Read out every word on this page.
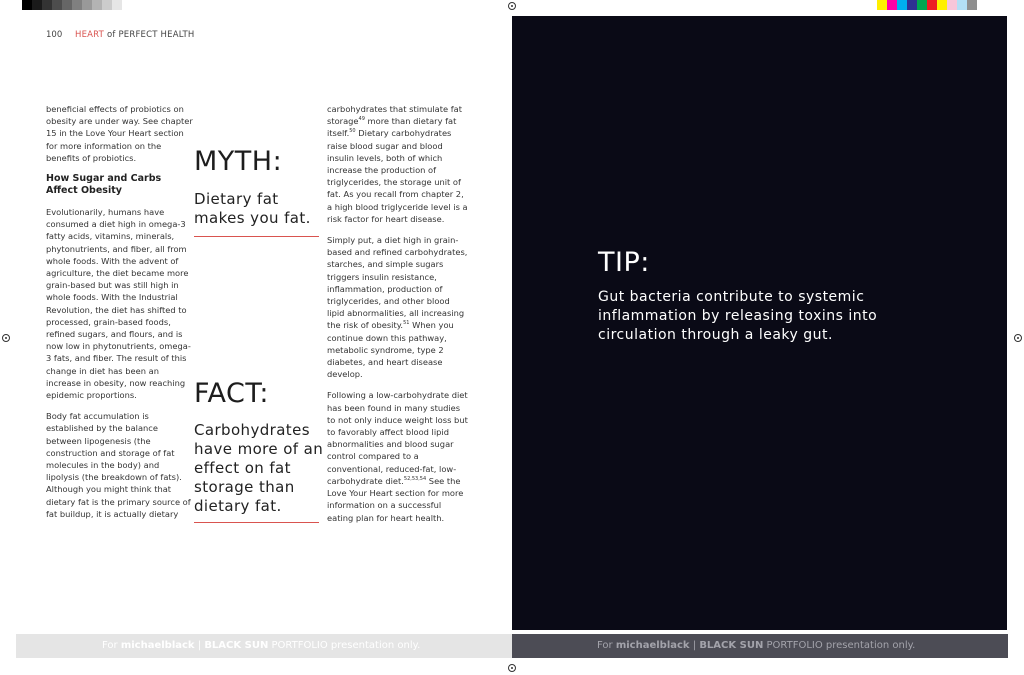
100 HEART of PERFECT HEALTH

beneficial effects of probiotics on obesity are under way. See chapter 15 in the Love Your Heart section for more information on the benefits of probiotics.

How Sugar and Carbs Affect Obesity

Evolutionarily, humans have consumed a diet high in omega-3 fatty acids, vitamins, minerals, phytonutrients, and fiber, all from whole foods. With the advent of agriculture, the diet became more grain-based but was still high in whole foods. With the Industrial Revolution, the diet has shifted to processed, grain-based foods, refined sugars, and flours, and is now low in phytonutrients, omega-3 fats, and fiber. The result of this change in diet has been an increase in obesity, now reaching epidemic proportions.

Body fat accumulation is established by the balance between lipogenesis (the construction and storage of fat molecules in the body) and lipolysis (the breakdown of fats). Although you might think that dietary fat is the primary source of fat buildup, it is actually dietary

MYTH:
Dietary fat makes you fat.
FACT:
Carbohydrates have more of an effect on fat storage than dietary fat.

carbohydrates that stimulate fat storage$^{49}$ more than dietary fat itself.$^{50}$ Dietary carbohydrates raise blood sugar and blood insulin levels, both of which increase the production of triglycerides, the storage unit of fat. As you recall from chapter 2, a high blood triglyceride level is a risk factor for heart disease.

Simply put, a diet high in grain-based and refined carbohydrates, starches, and simple sugars triggers insulin resistance, inflammation, production of triglycerides, and other blood lipid abnormalities, all increasing the risk of obesity.$^{51}$ When you continue down this pathway, metabolic syndrome, type 2 diabetes, and heart disease develop.

Following a low-carbohydrate diet has been found in many studies to not only induce weight loss but to favorably affect blood lipid abnormalities and blood sugar control compared to a conventional, reduced-fat, low-carbohydrate diet.$^{52,53,54}$ See the Love Your Heart section for more information on a successful eating plan for heart health.

TIP:
Gut bacteria contribute to systemic inflammation by releasing toxins into circulation through a leaky gut.
For michaelblack | BLACK SUN PORTFOLIO presentation only.	For michaelblack | BLACK SUN PORTFOLIO presentation only.
